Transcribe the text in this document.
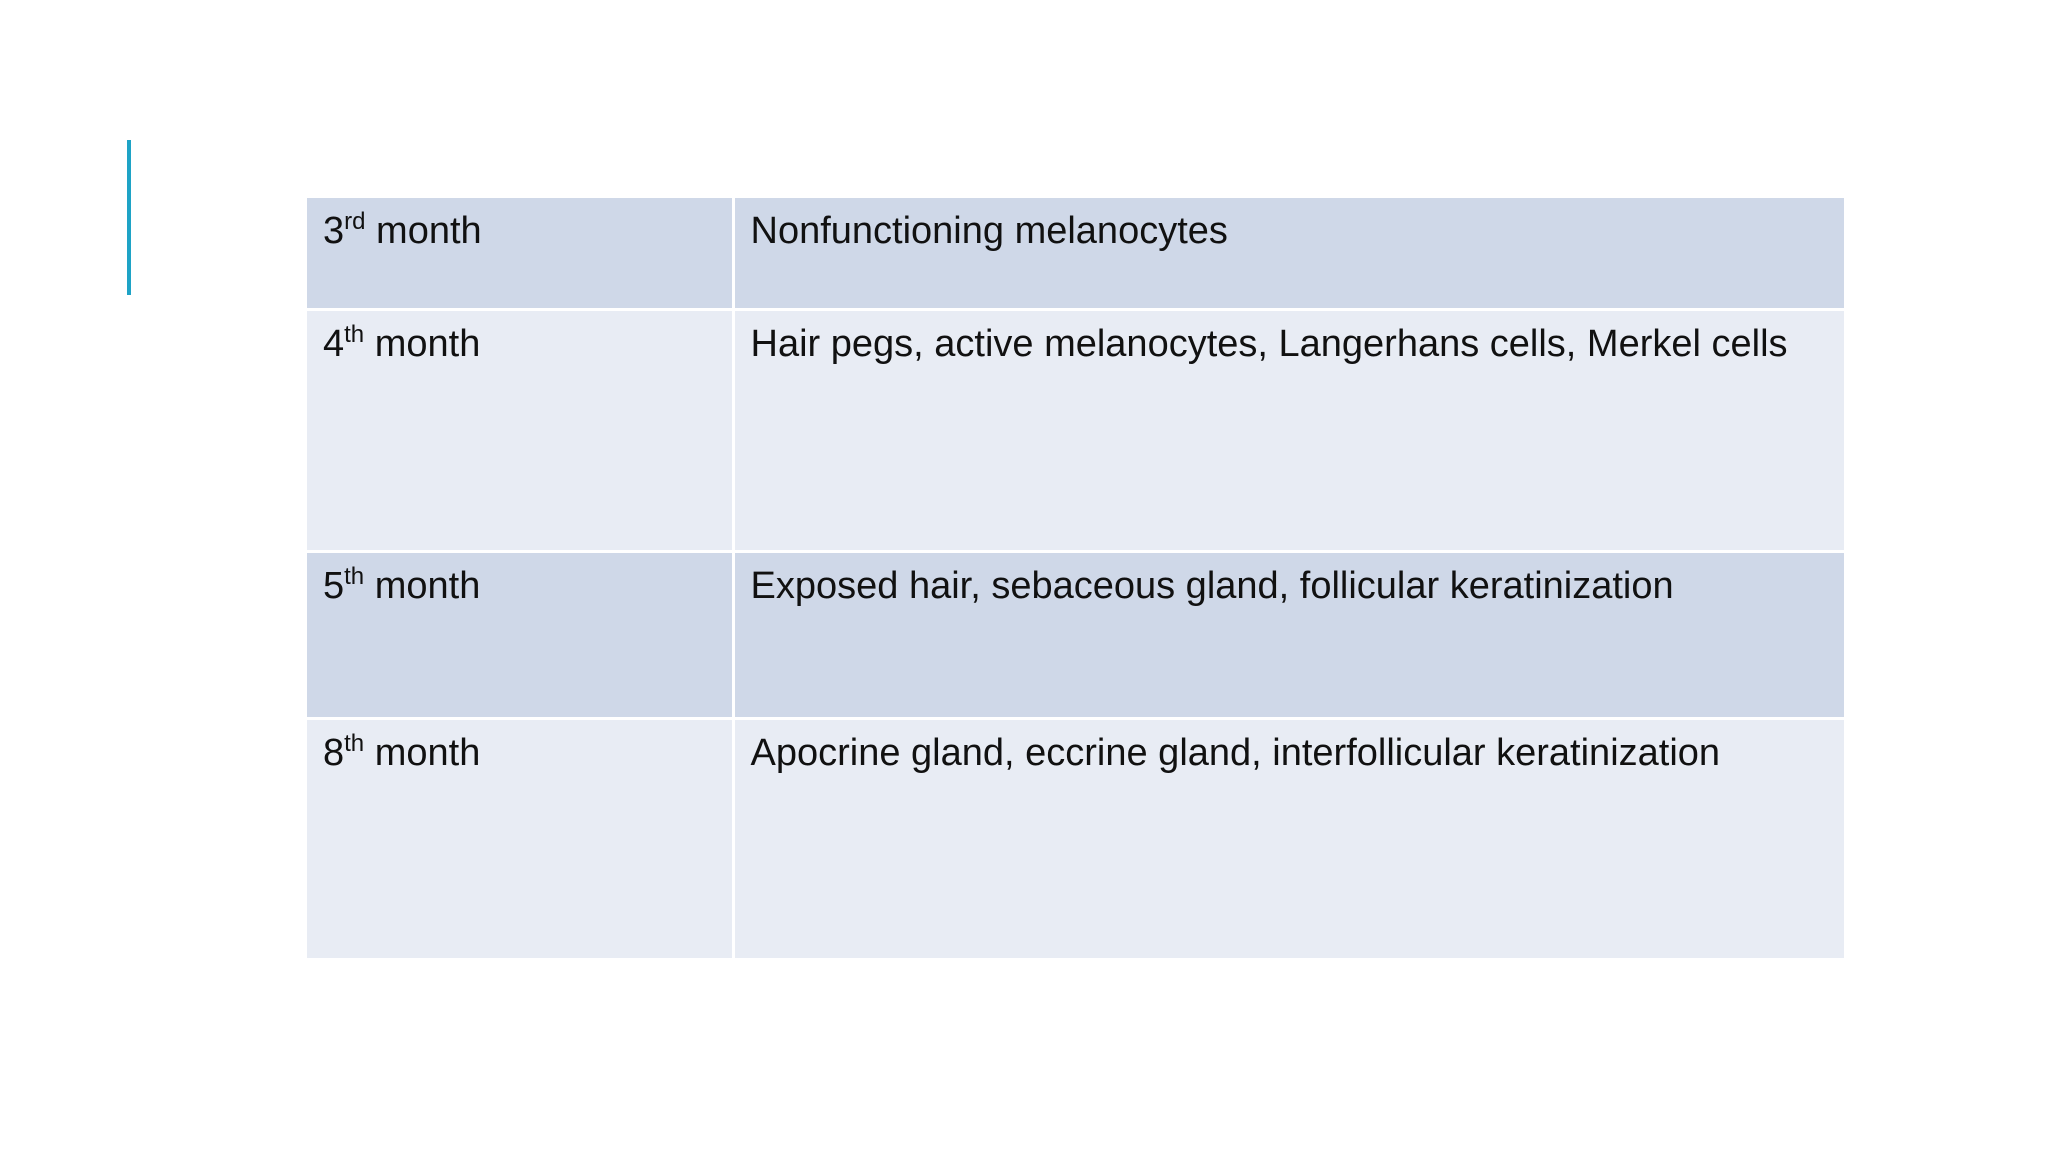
3rd month	Nonfunctioning melanocytes

4th month	Hair pegs, active melanocytes, Langerhans cells, Merkel cells

5th month	Exposed hair, sebaceous gland, follicular keratinization

8th month	Apocrine gland, eccrine gland, interfollicular keratinization
